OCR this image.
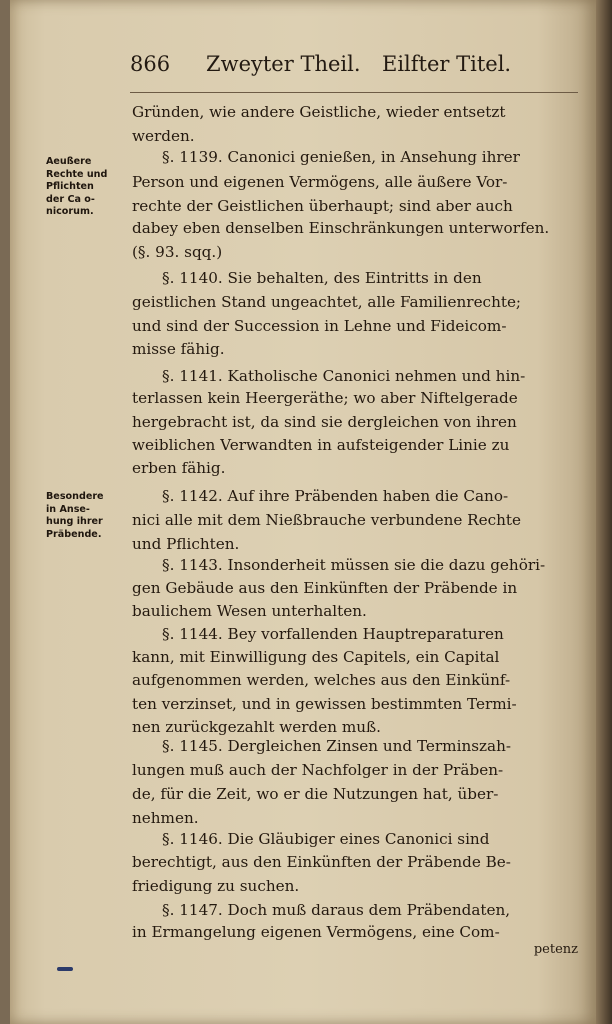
866 Zweyter Theil. Eilfter Titel.
Aeußere
Rechte und
Pflichten
der Ca o-
nicorum.
Besondere
in Anse-
hung ihrer
Präbende.
Gründen, wie andere Geistliche, wieder entsetzt
werden.
§. 1139. Canonici genießen, in Ansehung ihrer
Person und eigenen Vermögens, alle äußere Vor-
rechte der Geistlichen überhaupt; sind aber auch
dabey eben denselben Einschränkungen unterworfen.
(§. 93. sqq.)
§. 1140. Sie behalten, des Eintritts in den
geistlichen Stand ungeachtet, alle Familienrechte;
und sind der Succession in Lehne und Fideicom-
misse fähig.
§. 1141. Katholische Canonici nehmen und hin-
terlassen kein Heergeräthe; wo aber Niftelgerade
hergebracht ist, da sind sie dergleichen von ihren
weiblichen Verwandten in aufsteigender Linie zu
erben fähig.
§. 1142. Auf ihre Präbenden haben die Cano-
nici alle mit dem Nießbrauche verbundene Rechte
und Pflichten.
§. 1143. Insonderheit müssen sie die dazu gehöri-
gen Gebäude aus den Einkünften der Präbende in
baulichem Wesen unterhalten.
§. 1144. Bey vorfallenden Hauptreparaturen
kann, mit Einwilligung des Capitels, ein Capital
aufgenommen werden, welches aus den Einkünf-
ten verzinset, und in gewissen bestimmten Termi-
nen zurückgezahlt werden muß.
§. 1145. Dergleichen Zinsen und Terminszah-
lungen muß auch der Nachfolger in der Präben-
de, für die Zeit, wo er die Nutzungen hat, über-
nehmen.
§. 1146. Die Gläubiger eines Canonici sind
berechtigt, aus den Einkünften der Präbende Be-
friedigung zu suchen.
§. 1147. Doch muß daraus dem Präbendaten,
in Ermangelung eigenen Vermögens, eine Com-
petenz
